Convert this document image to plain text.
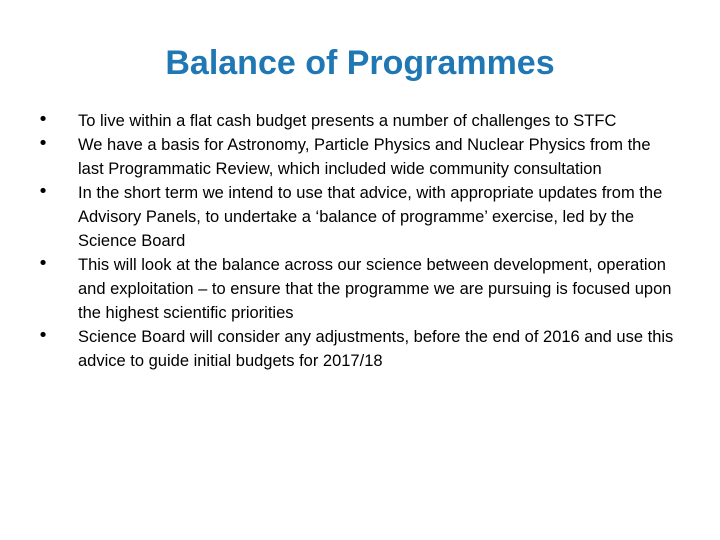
Balance of Programmes
• To live within a flat cash budget presents a number of challenges to STFC
• We have a basis for Astronomy, Particle Physics and Nuclear Physics from the last Programmatic Review, which included wide community consultation
• In the short term we intend to use that advice, with appropriate updates from the Advisory Panels, to undertake a ‘balance of programme’ exercise, led by the Science Board
• This will look at the balance across our science between development, operation and exploitation – to ensure that the programme we are pursuing is focused upon the highest scientific priorities
• Science Board will consider any adjustments, before the end of 2016 and use this advice to guide initial budgets for 2017/18
